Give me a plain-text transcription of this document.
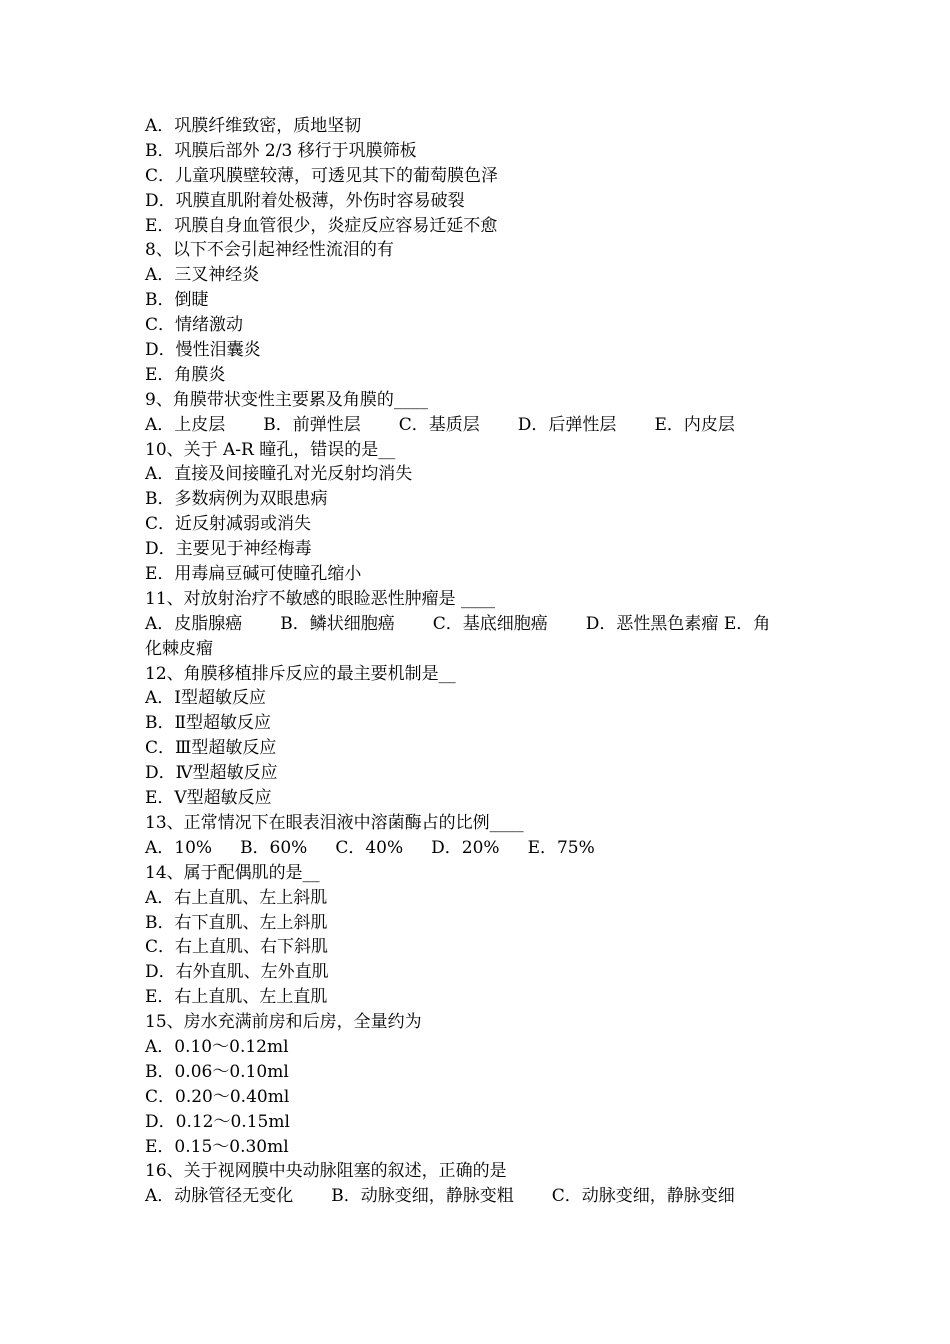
A．巩膜纤维致密，质地坚韧
B．巩膜后部外 2/3 移行于巩膜筛板
C．儿童巩膜壁较薄，可透见其下的葡萄膜色泽
D．巩膜直肌附着处极薄，外伤时容易破裂
E．巩膜自身血管很少，炎症反应容易迁延不愈
8、以下不会引起神经性流泪的有
A．三叉神经炎
B．倒睫
C．情绪激动
D．慢性泪囊炎
E．角膜炎
9、角膜带状变性主要累及角膜的____
A．上皮层 B．前弹性层 C．基质层 D．后弹性层 E．内皮层
10、关于 A-R 瞳孔，错误的是__
A．直接及间接瞳孔对光反射均消失
B．多数病例为双眼患病
C．近反射减弱或消失
D．主要见于神经梅毒
E．用毒扁豆碱可使瞳孔缩小
11、对放射治疗不敏感的眼睑恶性肿瘤是 ____
A．皮脂腺癌 B．鳞状细胞癌 C．基底细胞癌 D．恶性黑色素瘤 E．角
化棘皮瘤
12、角膜移植排斥反应的最主要机制是__
A．Ⅰ型超敏反应
B．Ⅱ型超敏反应
C．Ⅲ型超敏反应
D．Ⅳ型超敏反应
E．Ⅴ型超敏反应
13、正常情况下在眼表泪液中溶菌酶占的比例____
A．10% B．60% C．40% D．20% E．75%
14、属于配偶肌的是__
A．右上直肌、左上斜肌
B．右下直肌、左上斜肌
C．右上直肌、右下斜肌
D．右外直肌、左外直肌
E．右上直肌、左上直肌
15、房水充满前房和后房，全量约为
A．0.10～0.12ml
B．0.06～0.10ml
C．0.20～0.40ml
D．0.12～0.15ml
E．0.15～0.30ml
16、关于视网膜中央动脉阻塞的叙述，正确的是
A．动脉管径无变化 B．动脉变细，静脉变粗 C．动脉变细，静脉变细
